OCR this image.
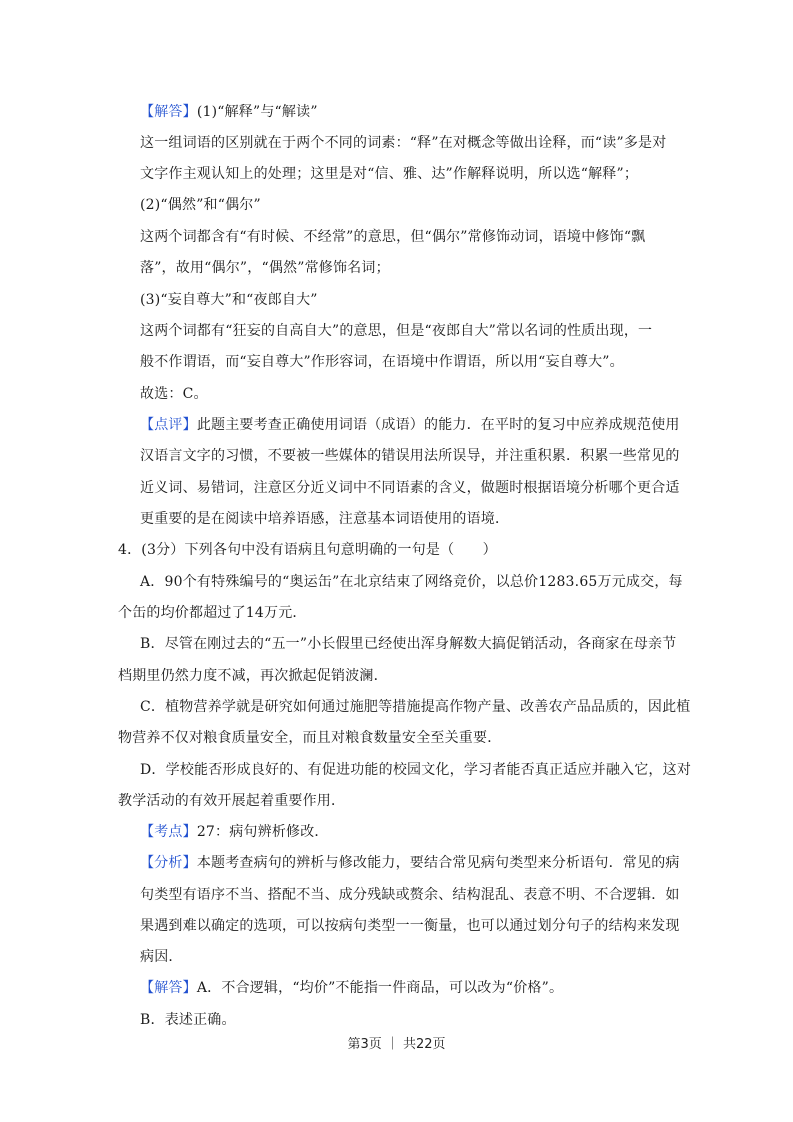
【解答】(1)“解释”与“解读”
这一组词语的区别就在于两个不同的词素：“释”在对概念等做出诠释，而“读”多是对
文字作主观认知上的处理；这里是对“信、雅、达”作解释说明，所以选“解释”；
(2)“偶然”和“偶尔”
这两个词都含有“有时候、不经常”的意思，但“偶尔”常修饰动词，语境中修饰“飘
落”，故用“偶尔”，“偶然”常修饰名词；
(3)“妄自尊大”和“夜郎自大”
这两个词都有“狂妄的自高自大”的意思，但是“夜郎自大”常以名词的性质出现，一
般不作谓语，而“妄自尊大”作形容词，在语境中作谓语，所以用“妄自尊大”。
故选：C。
【点评】此题主要考查正确使用词语（成语）的能力．在平时的复习中应养成规范使用
汉语言文字的习惯，不要被一些媒体的错误用法所误导，并注重积累．积累一些常见的
近义词、易错词，注意区分近义词中不同语素的含义，做题时根据语境分析哪个更合适
更重要的是在阅读中培养语感，注意基本词语使用的语境．
4．(3分）下列各句中没有语病且句意明确的一句是（　　）
A．90个有特殊编号的“奥运缶”在北京结束了网络竞价，以总价1283.65万元成交，每
个缶的均价都超过了14万元．
B．尽管在刚过去的“五一”小长假里已经使出浑身解数大搞促销活动，各商家在母亲节
档期里仍然力度不减，再次掀起促销波澜．
C．植物营养学就是研究如何通过施肥等措施提高作物产量、改善农产品品质的，因此植
物营养不仅对粮食质量安全，而且对粮食数量安全至关重要．
D．学校能否形成良好的、有促进功能的校园文化，学习者能否真正适应并融入它，这对
教学活动的有效开展起着重要作用．
【考点】27：病句辨析修改．
【分析】本题考查病句的辨析与修改能力，要结合常见病句类型来分析语句．常见的病
句类型有语序不当、搭配不当、成分残缺或赘余、结构混乱、表意不明、不合逻辑．如
果遇到难以确定的选项，可以按病句类型一一衡量，也可以通过划分句子的结构来发现
病因．
【解答】A．不合逻辑，“均价”不能指一件商品，可以改为“价格”。
B．表述正确。
第3页 ｜ 共22页
